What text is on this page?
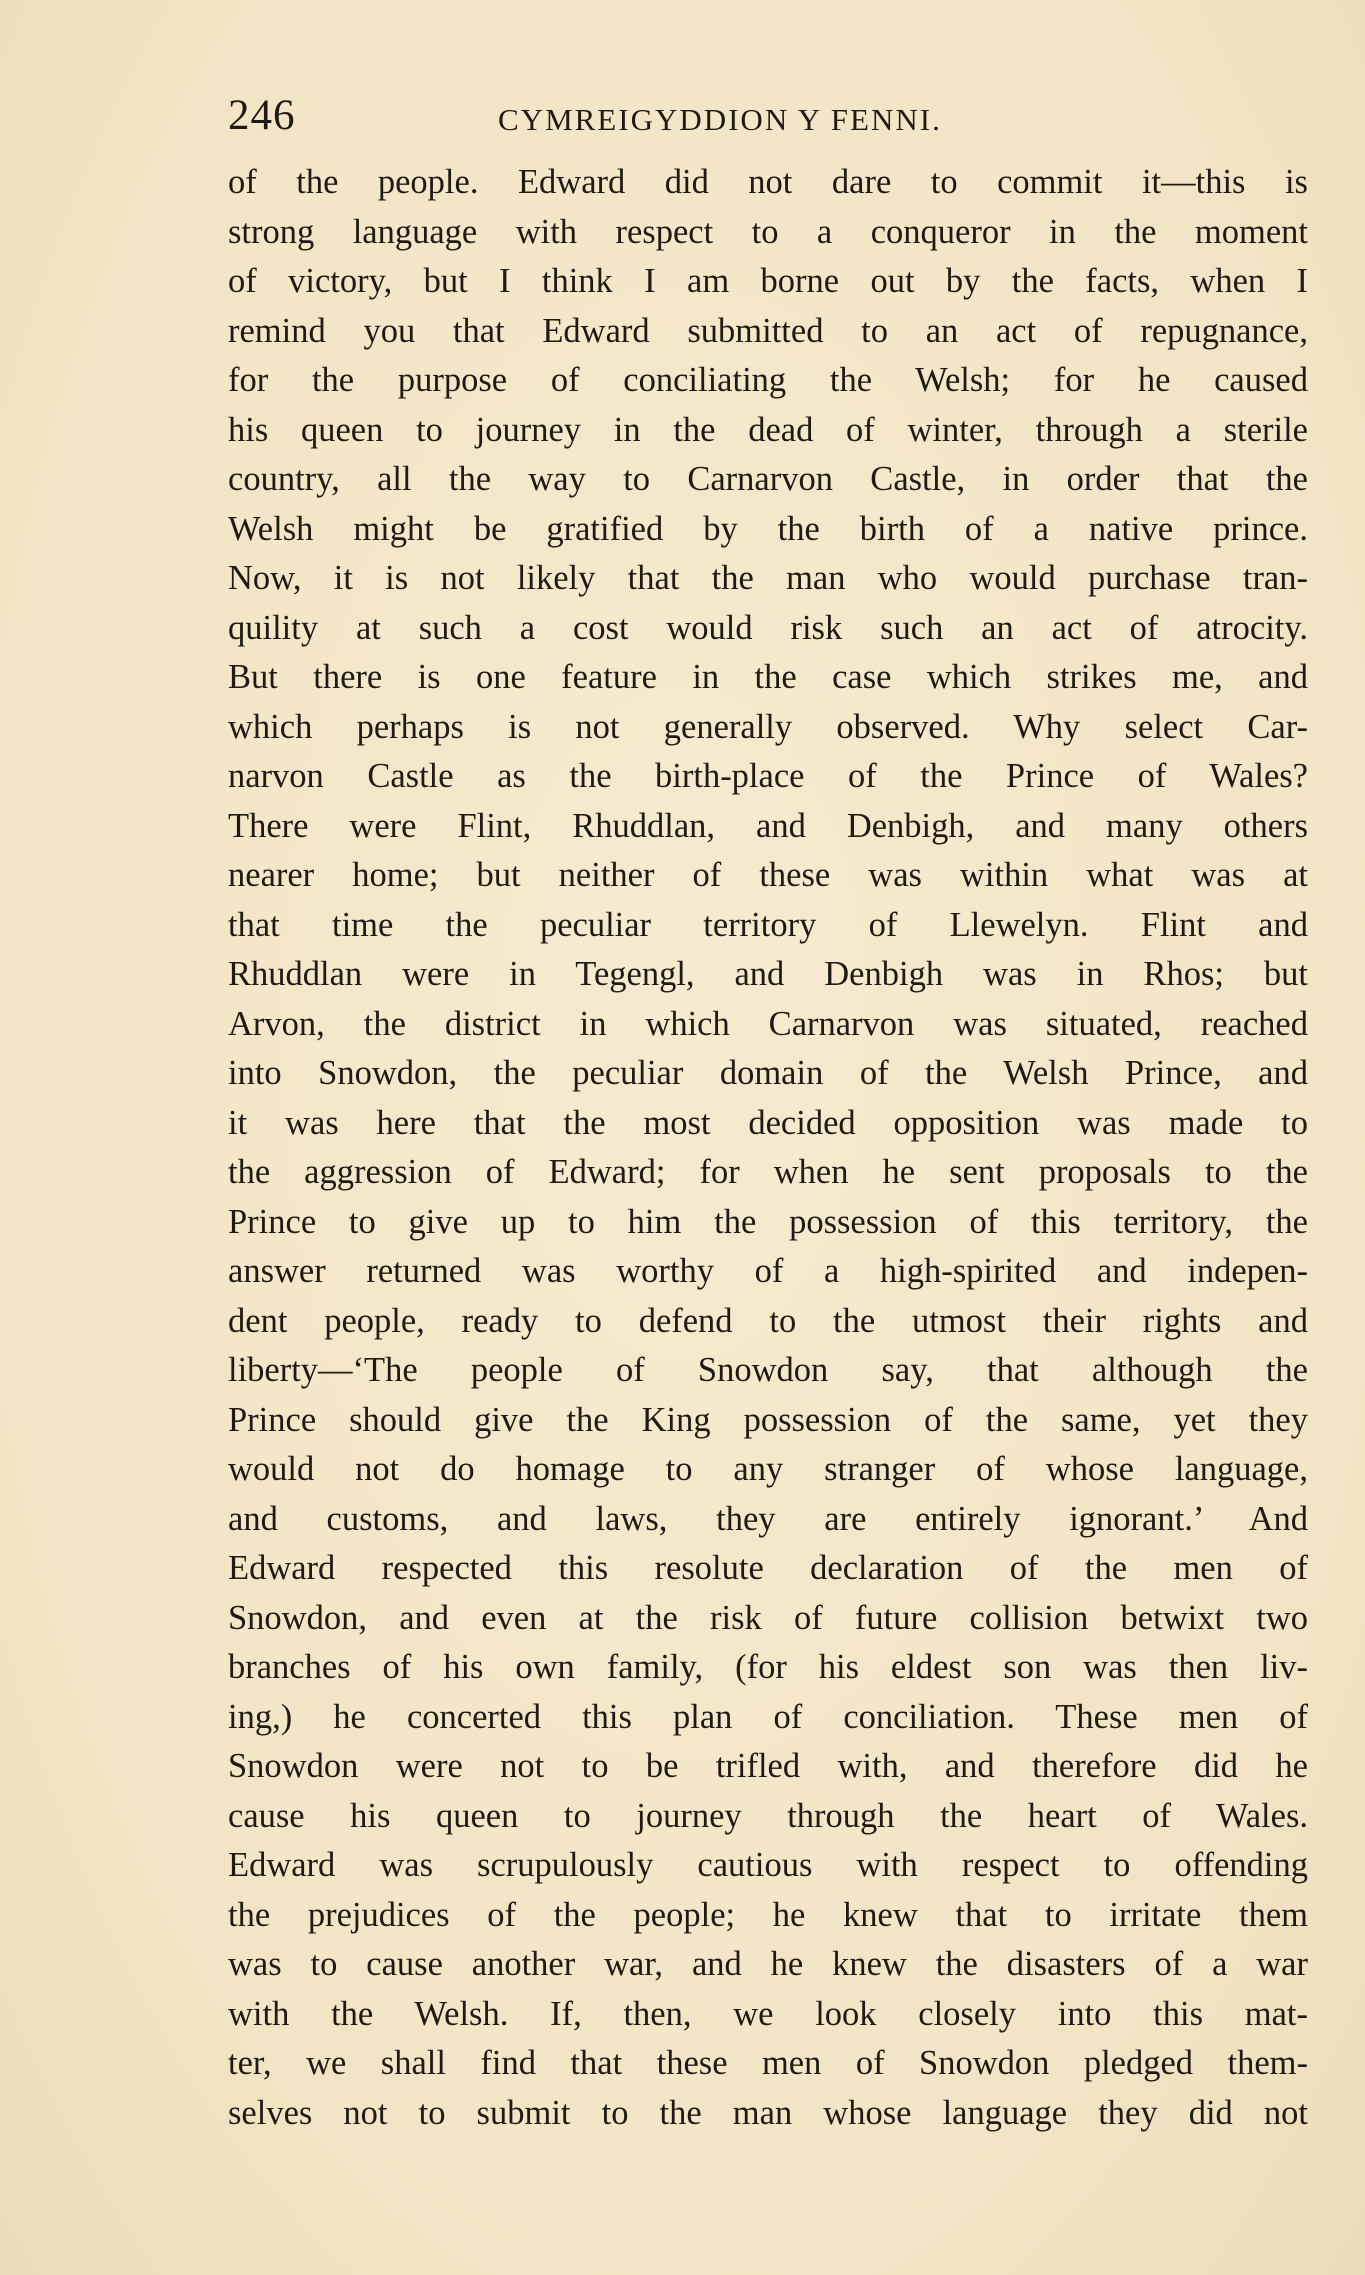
246	CYMREIGYDDION Y FENNI.
of the people. Edward did not dare to commit it—this is
strong language with respect to a conqueror in the moment
of victory, but I think I am borne out by the facts, when I
remind you that Edward submitted to an act of repugnance,
for the purpose of conciliating the Welsh; for he caused
his queen to journey in the dead of winter, through a sterile
country, all the way to Carnarvon Castle, in order that the
Welsh might be gratified by the birth of a native prince.
Now, it is not likely that the man who would purchase tran-
quility at such a cost would risk such an act of atrocity.
But there is one feature in the case which strikes me, and
which perhaps is not generally observed. Why select Car-
narvon Castle as the birth-place of the Prince of Wales?
There were Flint, Rhuddlan, and Denbigh, and many others
nearer home; but neither of these was within what was at
that time the peculiar territory of Llewelyn. Flint and
Rhuddlan were in Tegengl, and Denbigh was in Rhos; but
Arvon, the district in which Carnarvon was situated, reached
into Snowdon, the peculiar domain of the Welsh Prince, and
it was here that the most decided opposition was made to
the aggression of Edward; for when he sent proposals to the
Prince to give up to him the possession of this territory, the
answer returned was worthy of a high-spirited and indepen-
dent people, ready to defend to the utmost their rights and
liberty—‘The people of Snowdon say, that although the
Prince should give the King possession of the same, yet they
would not do homage to any stranger of whose language,
and customs, and laws, they are entirely ignorant.’ And
Edward respected this resolute declaration of the men of
Snowdon, and even at the risk of future collision betwixt two
branches of his own family, (for his eldest son was then liv-
ing,) he concerted this plan of conciliation. These men of
Snowdon were not to be trifled with, and therefore did he
cause his queen to journey through the heart of Wales.
Edward was scrupulously cautious with respect to offending
the prejudices of the people; he knew that to irritate them
was to cause another war, and he knew the disasters of a war
with the Welsh. If, then, we look closely into this mat-
ter, we shall find that these men of Snowdon pledged them-
selves not to submit to the man whose language they did not
